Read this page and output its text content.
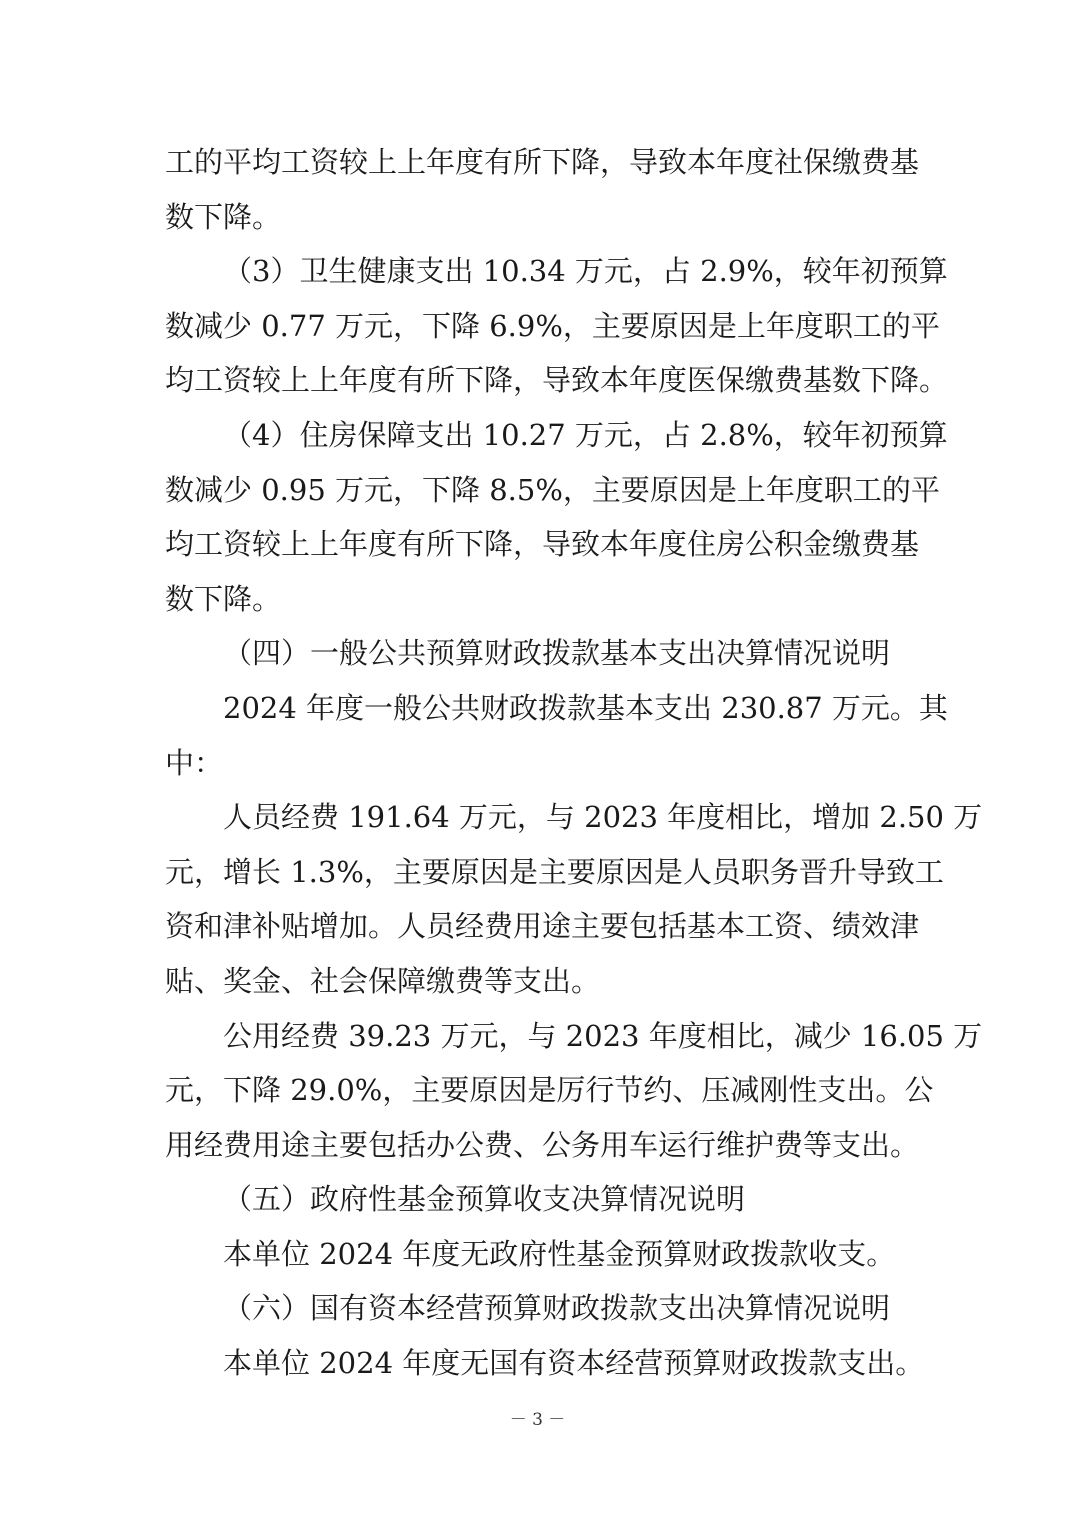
工的平均工资较上上年度有所下降，导致本年度社保缴费基
数下降。
（3）卫生健康支出 10.34 万元，占 2.9%，较年初预算
数减少 0.77 万元，下降 6.9%，主要原因是上年度职工的平
均工资较上上年度有所下降，导致本年度医保缴费基数下降。
（4）住房保障支出 10.27 万元，占 2.8%，较年初预算
数减少 0.95 万元，下降 8.5%，主要原因是上年度职工的平
均工资较上上年度有所下降，导致本年度住房公积金缴费基
数下降。
（四）一般公共预算财政拨款基本支出决算情况说明
2024 年度一般公共财政拨款基本支出 230.87 万元。其
中：
人员经费 191.64 万元，与 2023 年度相比，增加 2.50 万
元，增长 1.3%，主要原因是主要原因是人员职务晋升导致工
资和津补贴增加。人员经费用途主要包括基本工资、绩效津
贴、奖金、社会保障缴费等支出。
公用经费 39.23 万元，与 2023 年度相比，减少 16.05 万
元，下降 29.0%，主要原因是厉行节约、压减刚性支出。公
用经费用途主要包括办公费、公务用车运行维护费等支出。
（五）政府性基金预算收支决算情况说明
本单位 2024 年度无政府性基金预算财政拨款收支。
（六）国有资本经营预算财政拨款支出决算情况说明
本单位 2024 年度无国有资本经营预算财政拨款支出。
－ 3 －
